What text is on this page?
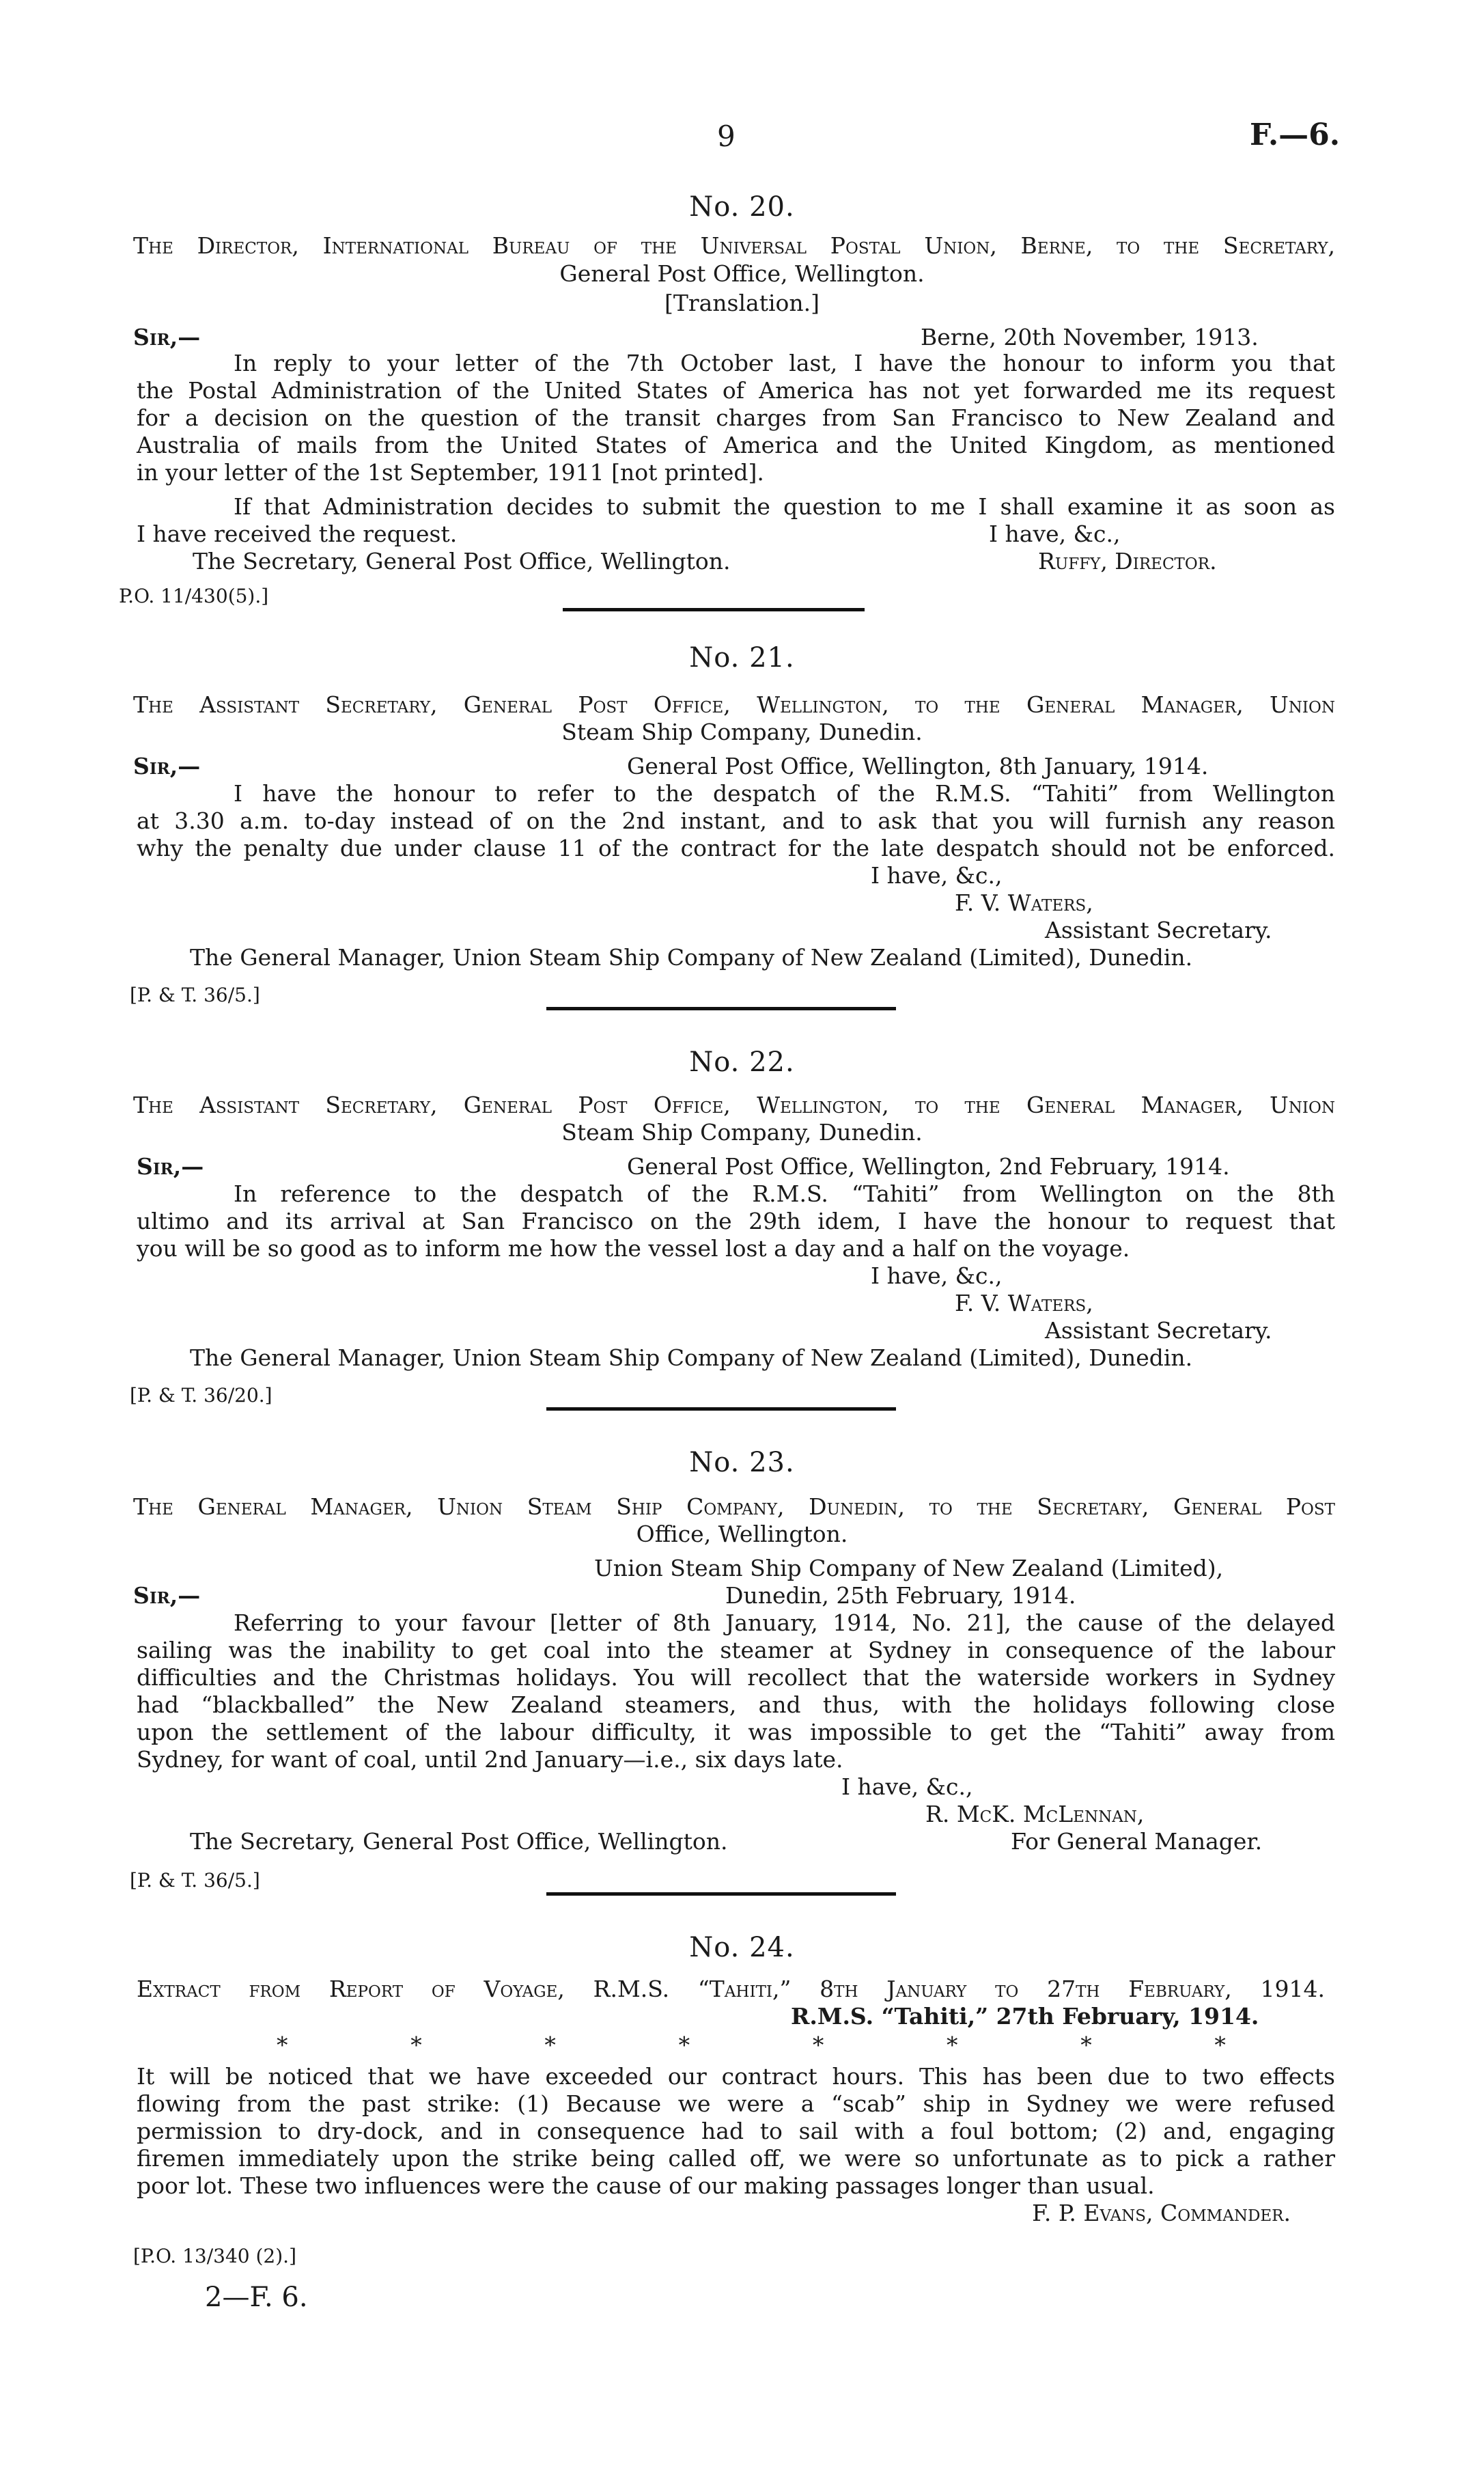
9	F.—6.
No. 20.
The Director, International Bureau of the Universal Postal Union, Berne, to the Secretary,
General Post Office, Wellington.
[Translation.]
Sir,—	Berne, 20th November, 1913.
In reply to your letter of the 7th October last, I have the honour to inform you that
the Postal Administration of the United States of America has not yet forwarded me its request
for a decision on the question of the transit charges from San Francisco to New Zealand and
Australia of mails from the United States of America and the United Kingdom, as mentioned
in your letter of the 1st September, 1911 [not printed].
If that Administration decides to submit the question to me I shall examine it as soon as
I have received the request.	I have, &c.,
The Secretary, General Post Office, Wellington.	Ruffy, Director.
P.O. 11/430(5).]
No. 21.
The Assistant Secretary, General Post Office, Wellington, to the General Manager, Union
Steam Ship Company, Dunedin.
Sir,—	General Post Office, Wellington, 8th January, 1914.
I have the honour to refer to the despatch of the R.M.S. “Tahiti” from Wellington
at 3.30 a.m. to-day instead of on the 2nd instant, and to ask that you will furnish any reason
why the penalty due under clause 11 of the contract for the late despatch should not be enforced.
I have, &c.,
F. V. Waters,
Assistant Secretary.
The General Manager, Union Steam Ship Company of New Zealand (Limited), Dunedin.
[P. & T. 36/5.]
No. 22.
The Assistant Secretary, General Post Office, Wellington, to the General Manager, Union
Steam Ship Company, Dunedin.
Sir,—	General Post Office, Wellington, 2nd February, 1914.
In reference to the despatch of the R.M.S. “Tahiti” from Wellington on the 8th
ultimo and its arrival at San Francisco on the 29th idem, I have the honour to request that
you will be so good as to inform me how the vessel lost a day and a half on the voyage.
I have, &c.,
F. V. Waters,
Assistant Secretary.
The General Manager, Union Steam Ship Company of New Zealand (Limited), Dunedin.
[P. & T. 36/20.]
No. 23.
The General Manager, Union Steam Ship Company, Dunedin, to the Secretary, General Post
Office, Wellington.
Union Steam Ship Company of New Zealand (Limited),
Sir,—	Dunedin, 25th February, 1914.
Referring to your favour [letter of 8th January, 1914, No. 21], the cause of the delayed
sailing was the inability to get coal into the steamer at Sydney in consequence of the labour
difficulties and the Christmas holidays. You will recollect that the waterside workers in Sydney
had “blackballed” the New Zealand steamers, and thus, with the holidays following close
upon the settlement of the labour difficulty, it was impossible to get the “Tahiti” away from
Sydney, for want of coal, until 2nd January—i.e., six days late.
I have, &c.,
R. McK. McLennan,
The Secretary, General Post Office, Wellington.	For General Manager.
[P. & T. 36/5.]
No. 24.
Extract from Report of Voyage, R.M.S. “Tahiti,” 8th January to 27th February, 1914.
R.M.S. “Tahiti,” 27th February, 1914.
*	*	*	*	*	*	*	*
It will be noticed that we have exceeded our contract hours. This has been due to two effects
flowing from the past strike: (1) Because we were a “scab” ship in Sydney we were refused
permission to dry-dock, and in consequence had to sail with a foul bottom; (2) and, engaging
firemen immediately upon the strike being called off, we were so unfortunate as to pick a rather
poor lot. These two influences were the cause of our making passages longer than usual.
F. P. Evans, Commander.
[P.O. 13/340 (2).]
2—F. 6.
